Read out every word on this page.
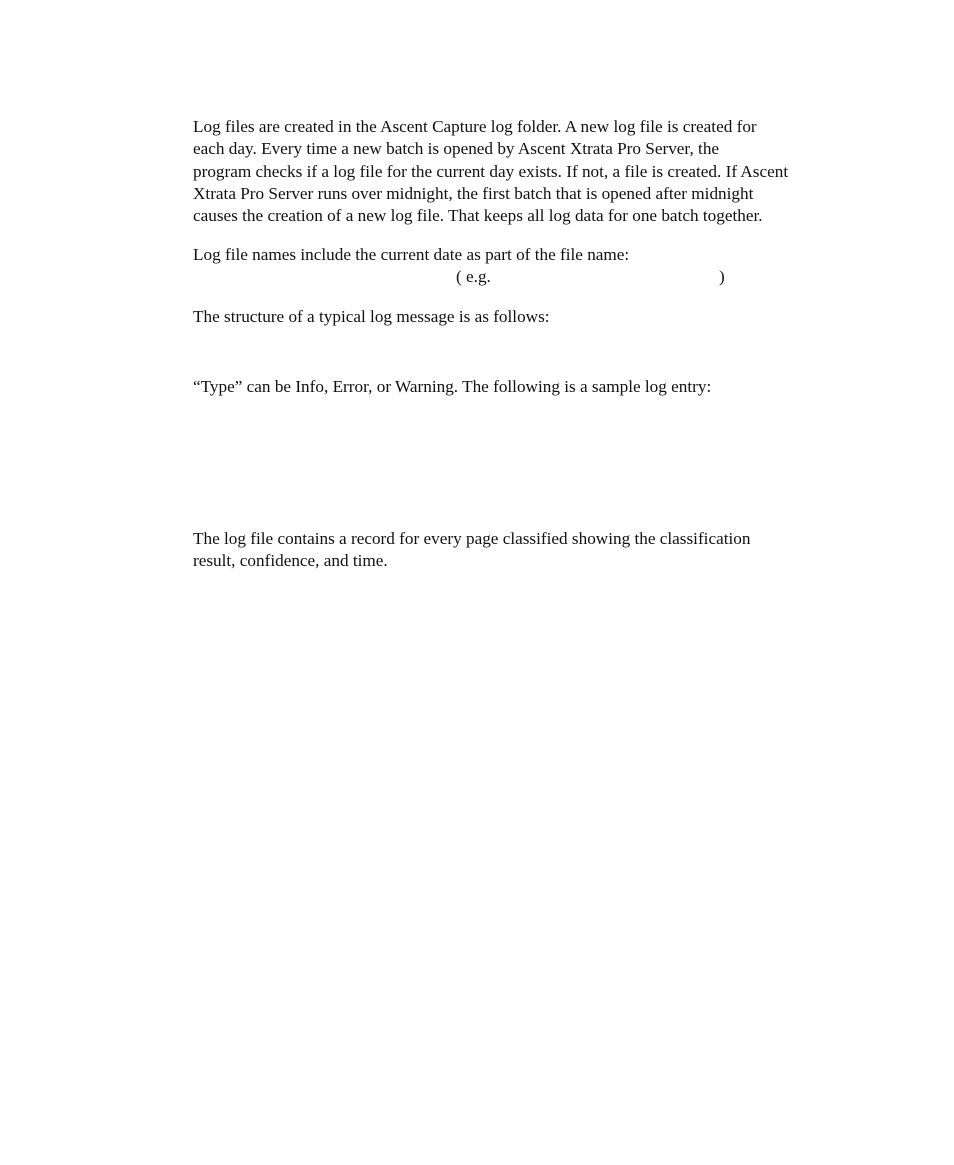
Log files are created in the Ascent Capture log folder. A new log file is created for
each day. Every time a new batch is opened by Ascent Xtrata Pro Server, the
program checks if a log file for the current day exists. If not, a file is created. If Ascent
Xtrata Pro Server runs over midnight, the first batch that is opened after midnight
causes the creation of a new log file. That keeps all log data for one batch together.

Log file names include the current date as part of the file name:
( e.g.	)

The structure of a typical log message is as follows:

“Type” can be Info, Error, or Warning. The following is a sample log entry:

The log file contains a record for every page classified showing the classification
result, confidence, and time.
